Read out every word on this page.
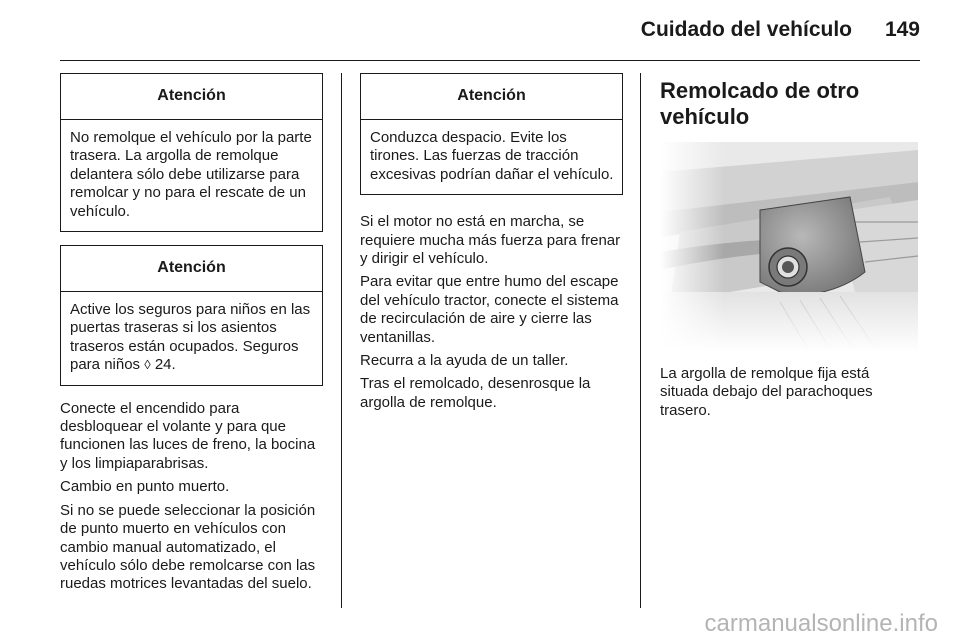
Cuidado del vehículo 149
Atención
No remolque el vehículo por la parte trasera. La argolla de remolque delantera sólo debe utilizarse para remolcar y no para el rescate de un vehículo.
Atención
Active los seguros para niños en las puertas traseras si los asientos traseros están ocupados. Seguros para niños ◊ 24.

Conecte el encendido para desbloquear el volante y para que funcionen las luces de freno, la bocina y los limpiaparabrisas.

Cambio en punto muerto.

Si no se puede seleccionar la posición de punto muerto en vehículos con cambio manual automatizado, el vehículo sólo debe remolcarse con las ruedas motrices levantadas del suelo.

Atención
Conduzca despacio. Evite los tirones. Las fuerzas de tracción excesivas podrían dañar el vehículo.

Si el motor no está en marcha, se requiere mucha más fuerza para frenar y dirigir el vehículo.

Para evitar que entre humo del escape del vehículo tractor, conecte el sistema de recirculación de aire y cierre las ventanillas.

Recurra a la ayuda de un taller.

Tras el remolcado, desenrosque la argolla de remolque.

Remolcado de otro vehículo

La argolla de remolque fija está situada debajo del parachoques trasero.

carmanualsonline.info
